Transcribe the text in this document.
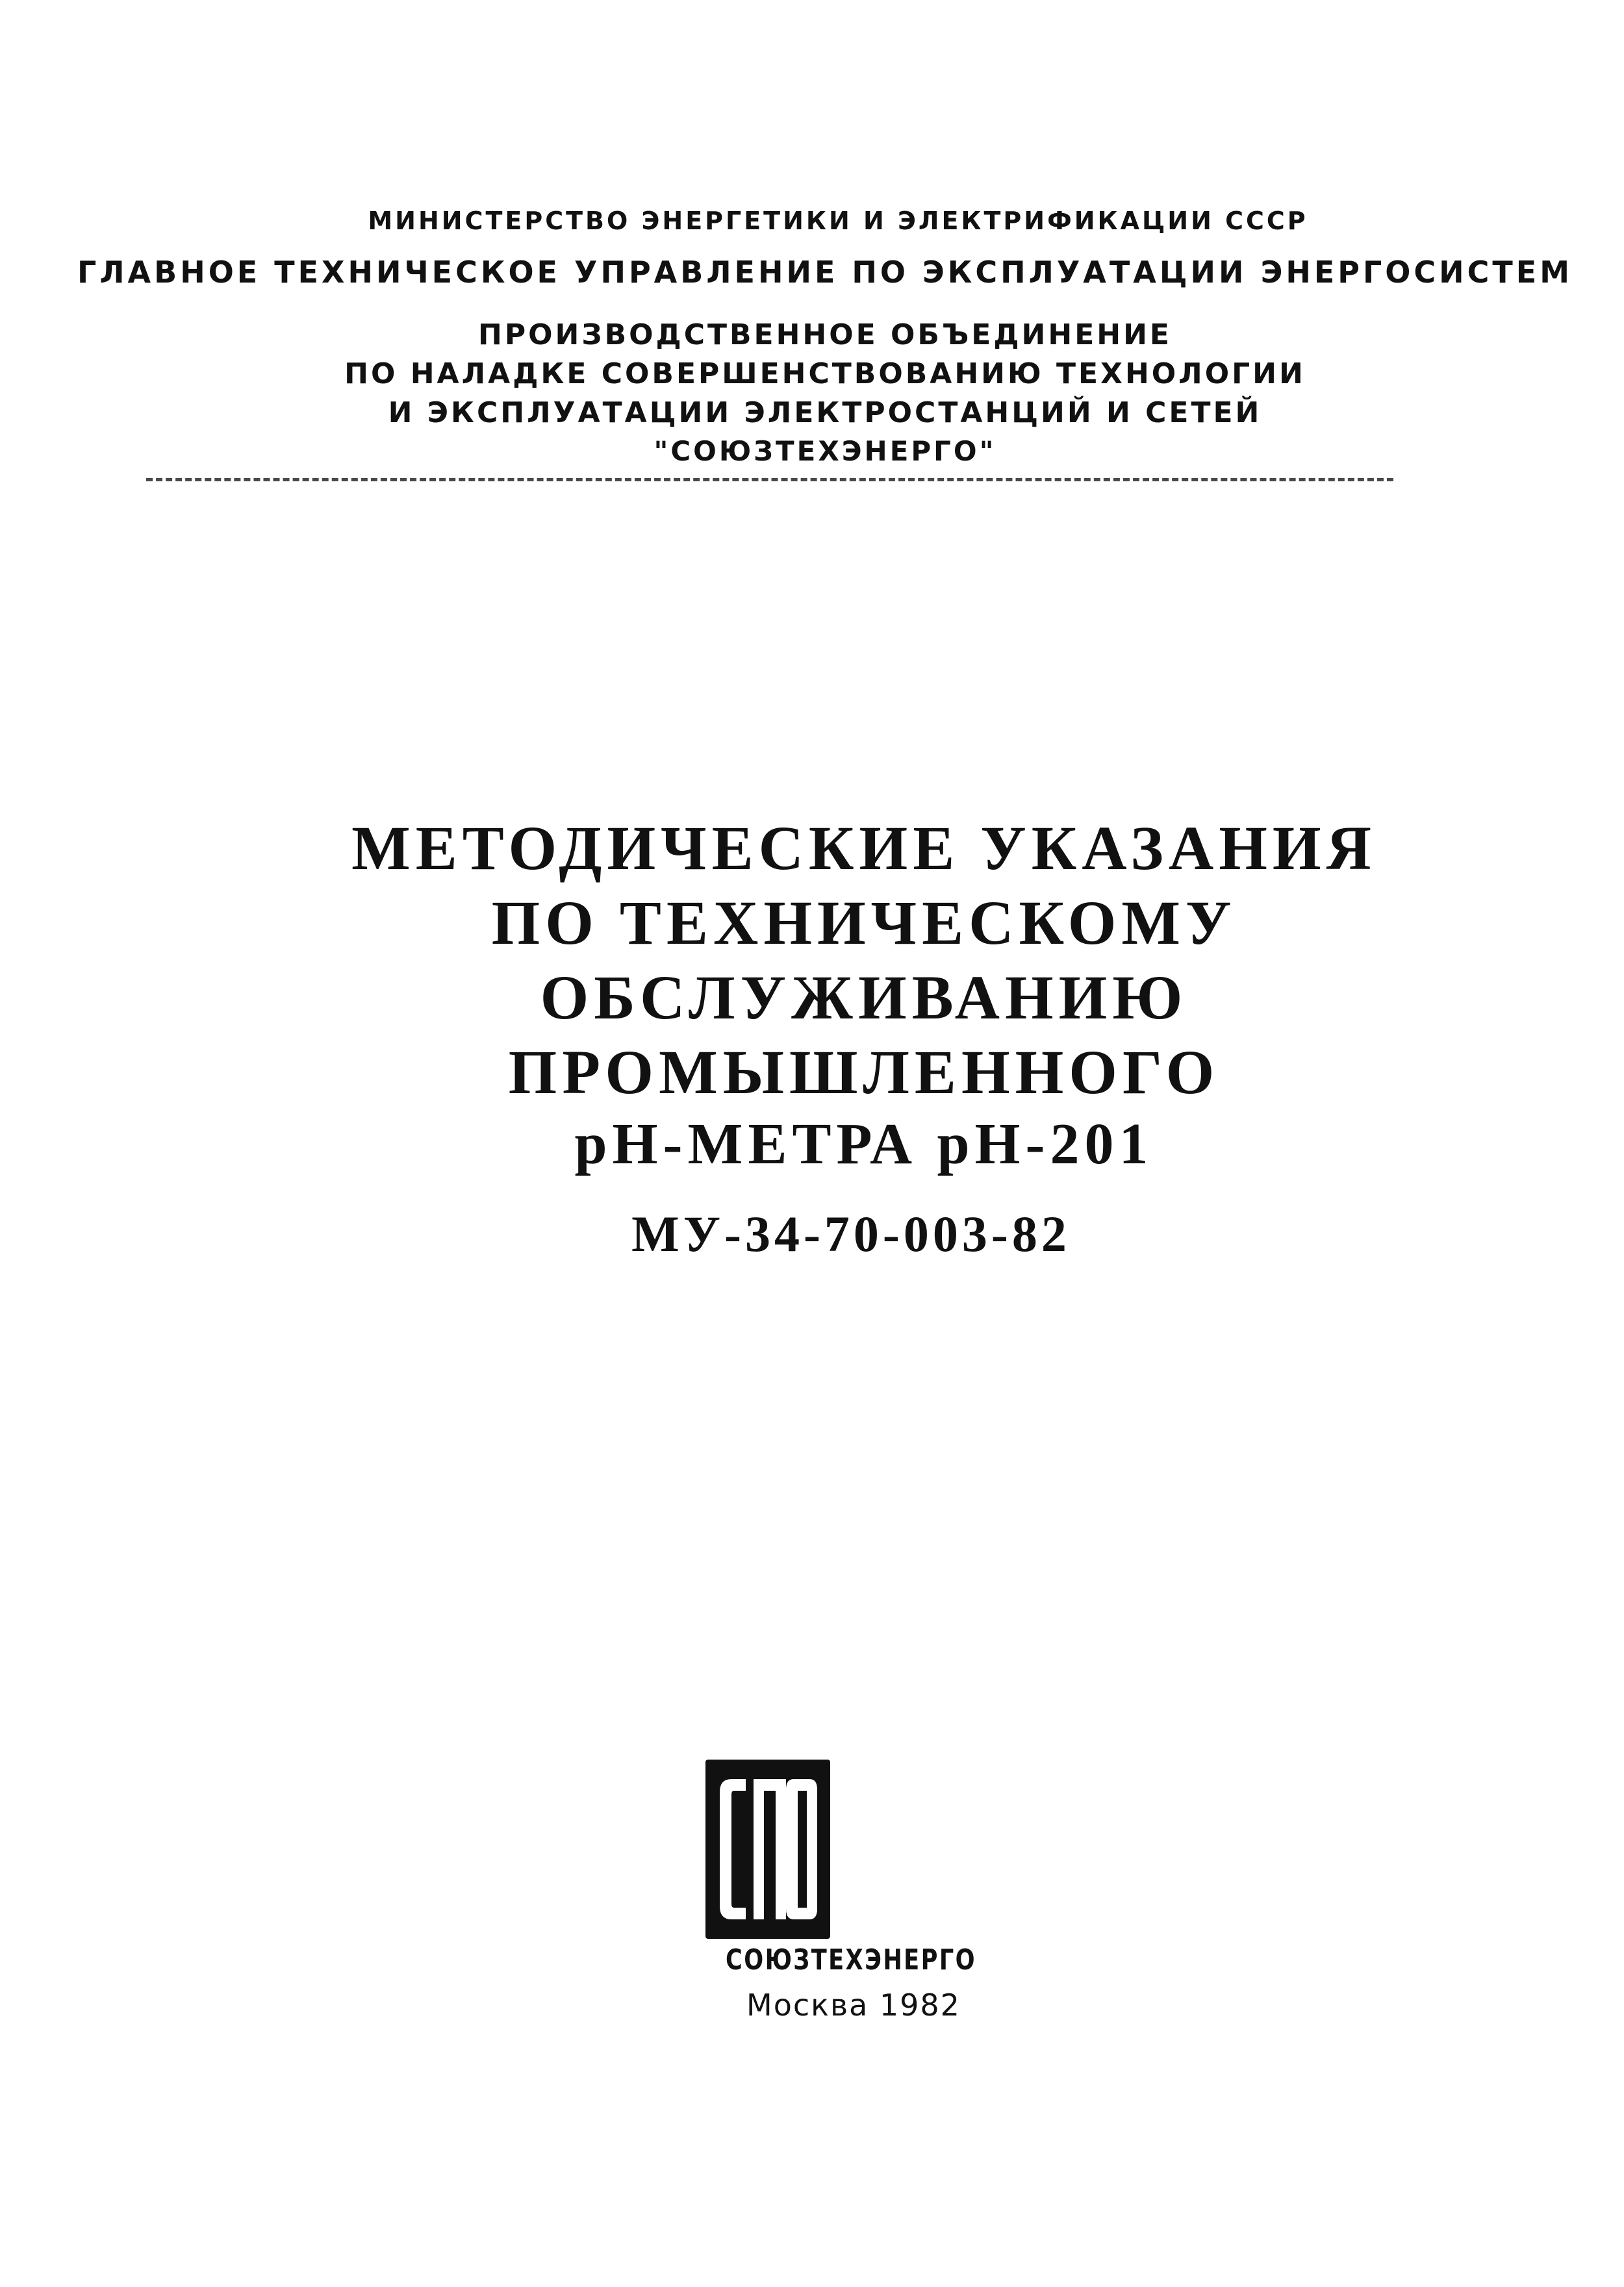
МИНИСТЕРСТВО ЭНЕРГЕТИКИ И ЭЛЕКТРИФИКАЦИИ СССР
ГЛАВНОЕ ТЕХНИЧЕСКОЕ УПРАВЛЕНИЕ ПО ЭКСПЛУАТАЦИИ ЭНЕРГОСИСТЕМ
ПРОИЗВОДСТВЕННОЕ ОБЪЕДИНЕНИЕ
ПО НАЛАДКЕ СОВЕРШЕНСТВОВАНИЮ ТЕХНОЛОГИИ
И ЭКСПЛУАТАЦИИ ЭЛЕКТРОСТАНЦИЙ И СЕТЕЙ
"СОЮЗТЕХЭНЕРГО"
МЕТОДИЧЕСКИЕ УКАЗАНИЯ
ПО ТЕХНИЧЕСКОМУ
ОБСЛУЖИВАНИЮ
ПРОМЫШЛЕННОГО
pH-МЕТРА pH-201
МУ-34-70-003-82
СОЮЗТЕХЭНЕРГО
Москва 1982
